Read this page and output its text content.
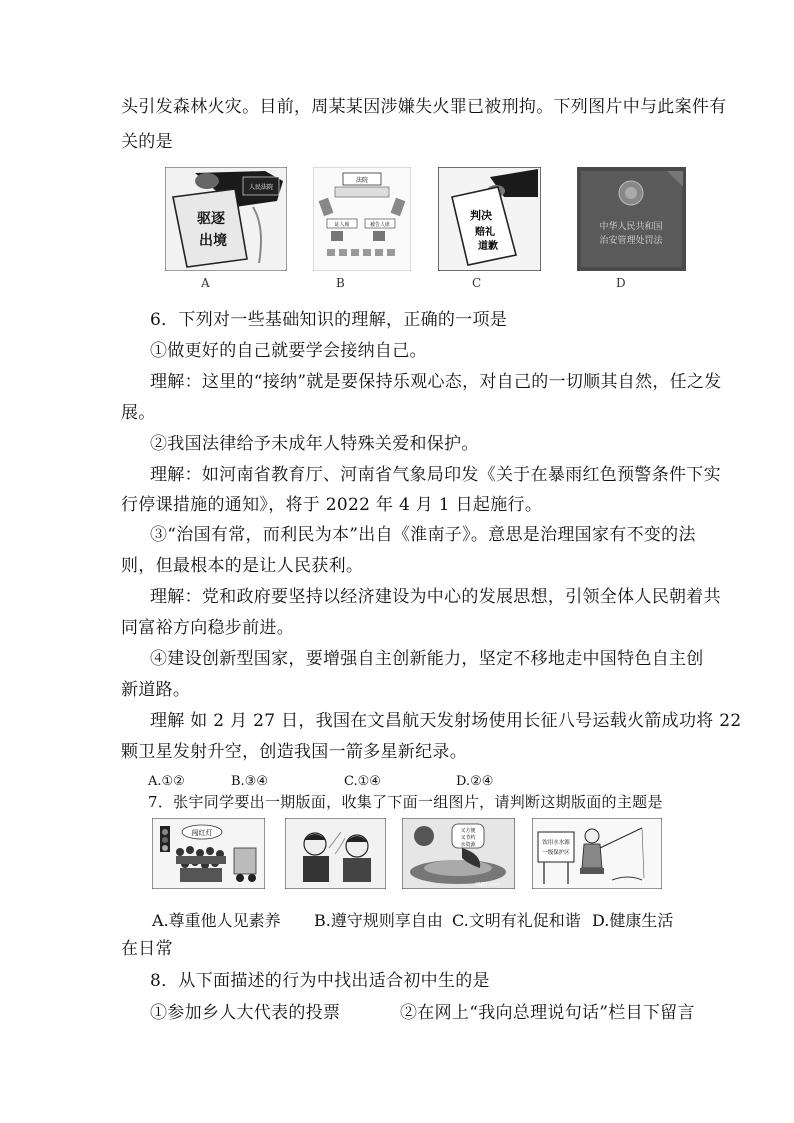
头引发森林火灾。目前，周某某因涉嫌失火罪已被刑拘。下列图片中与此案件有
关的是
人民法院
驱逐
出境
A
法院
证人席	被告人席
B
判决
赔礼
道歉
C
中华人民共和国
治安管理处罚法
D
6．下列对一些基础知识的理解，正确的一项是
①做更好的自己就要学会接纳自己。
理解：这里的“接纳”就是要保持乐观心态，对自己的一切顺其自然，任之发
展。
②我国法律给予未成年人特殊关爱和保护。
理解：如河南省教育厅、河南省气象局印发《关于在暴雨红色预警条件下实
行停课措施的通知》，将于 2022 年 4 月 1 日起施行。
③“治国有常，而利民为本”出自《淮南子》。意思是治理国家有不变的法
则，但最根本的是让人民获利。
理解：党和政府要坚持以经济建设为中心的发展思想，引领全体人民朝着共
同富裕方向稳步前进。
④建设创新型国家，要增强自主创新能力，坚定不移地走中国特色自主创
新道路。
理解 如 2 月 27 日，我国在文昌航天发射场使用长征八号运载火箭成功将 22
颗卫星发射升空，创造我国一箭多星新纪录。
A.①②	B.③④	C.①④	D.②④
7．张宇同学要出一期版面，收集了下面一组图片，请判断这期版面的主题是
闯红灯	又方便
又节约
水资源
YNET.com
饮用水水源
一级保护区
A.尊重他人见素养 B.遵守规则享自由 C.文明有礼促和谐 D.健康生活
在日常
8．从下面描述的行为中找出适合初中生的是
①参加乡人大代表的投票	②在网上“我向总理说句话”栏目下留言
